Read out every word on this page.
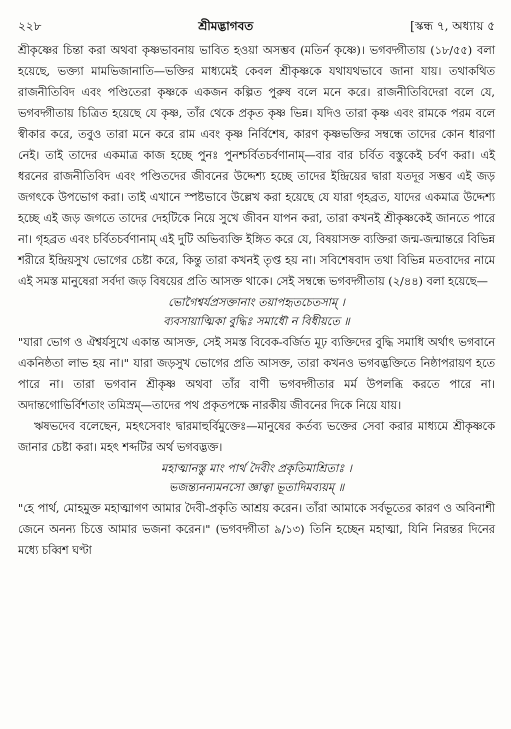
২২৮	শ্রীমদ্ভাগবত	[স্কন্ধ ৭, অধ্যায় ৫

শ্রীকৃষ্ণের চিন্তা করা অথবা কৃষ্ণভাবনায় ভাবিত হওয়া অসম্ভব (মতির্ন কৃষ্ণে)। ভগবদ্গীতায় (১৮/৫৫) বলা হয়েছে, ভক্ত্যা মামভিজানাতি—ভক্তির মাধ্যমেই কেবল শ্রীকৃষ্ণকে যথাযথভাবে জানা যায়। তথাকথিত রাজনীতিবিদ এবং পণ্ডিতেরা কৃষ্ণকে একজন কল্পিত পুরুষ বলে মনে করে। রাজনীতিবিদেরা বলে যে, ভগবদ্গীতায় চিত্রিত হয়েছে যে কৃষ্ণ, তাঁর থেকে প্রকৃত কৃষ্ণ ভিন্ন। যদিও তারা কৃষ্ণ এবং রামকে পরম বলে স্বীকার করে, তবুও তারা মনে করে রাম এবং কৃষ্ণ নির্বিশেষ, কারণ কৃষ্ণভক্তির সম্বন্ধে তাদের কোন ধারণা নেই। তাই তাদের একমাত্র কাজ হচ্ছে পুনঃ পুনশ্চর্বিতচর্বণানাম্—বার বার চর্বিত বস্তুকেই চর্বণ করা। এই ধরনের রাজনীতিবিদ এবং পণ্ডিতদের জীবনের উদ্দেশ্য হচ্ছে তাদের ইন্দ্রিয়ের দ্বারা যতদূর সম্ভব এই জড় জগৎকে উপভোগ করা। তাই এখানে স্পষ্টভাবে উল্লেখ করা হয়েছে যে যারা গৃহব্রত, যাদের একমাত্র উদ্দেশ্য হচ্ছে এই জড় জগতে তাদের দেহটিকে নিয়ে সুখে জীবন যাপন করা, তারা কখনই শ্রীকৃষ্ণকেই জানতে পারে না। গৃহব্রত এবং চর্বিতচর্বণানাম্ এই দুটি অভিব্যক্তি ইঙ্গিত করে যে, বিষয়াসক্ত ব্যক্তিরা জন্ম-জন্মান্তরে বিভিন্ন শরীরে ইন্দ্রিয়সুখ ভোগের চেষ্টা করে, কিন্তু তারা কখনই তৃপ্ত হয় না। সবিশেষবাদ তথা বিভিন্ন মতবাদের নামে এই সমস্ত মানুষেরা সর্বদা জড় বিষয়ের প্রতি আসক্ত থাকে। সেই সম্বন্ধে ভগবদ্গীতায় (২/৪৪) বলা হয়েছে—

ভোগৈশ্বর্যপ্রসক্তানাং তয়াপহৃতচেতসাম্ ।
ব্যবসায়াত্মিকা বুদ্ধিঃ সমাধৌ ন বিধীয়তে ॥

"যারা ভোগ ও ঐশ্বর্যসুখে একান্ত আসক্ত, সেই সমস্ত বিবেক-বর্জিত মূঢ় ব্যক্তিদের বুদ্ধি সমাধি অর্থাৎ ভগবানে একনিষ্ঠতা লাভ হয় না।" যারা জড়সুখ ভোগের প্রতি আসক্ত, তারা কখনও ভগবদ্ভক্তিতে নিষ্ঠাপরায়ণ হতে পারে না। তারা ভগবান শ্রীকৃষ্ণ অথবা তাঁর বাণী ভগবদ্গীতার মর্ম উপলব্ধি করতে পারে না। অদান্তগোভির্বিশতাং তমিস্রম্—তাদের পথ প্রকৃতপক্ষে নারকীয় জীবনের দিকে নিয়ে যায়।

ঋষভদেব বলেছেন, মহৎসেবাং দ্বারমাহুর্বিমুক্তেঃ—মানুষের কর্তব্য ভক্তের সেবা করার মাধ্যমে শ্রীকৃষ্ণকে জানার চেষ্টা করা। মহৎ শব্দটির অর্থ ভগবদ্ভক্ত।

মহাত্মানস্তু মাং পার্থ দৈবীং প্রকৃতিমাশ্রিতাঃ ।
ভজন্ত্যনন্যমনসো জ্ঞাত্বা ভূতাদিমব্যয়ম্ ॥

"হে পার্থ, মোহমুক্ত মহাত্মাগণ আমার দৈবী-প্রকৃতি আশ্রয় করেন। তাঁরা আমাকে সর্বভূতের কারণ ও অবিনাশী জেনে অনন্য চিত্তে আমার ভজনা করেন।" (ভগবদ্গীতা ৯/১৩) তিনি হচ্ছেন মহাত্মা, যিনি নিরন্তর দিনের মধ্যে চব্বিশ ঘণ্টা
